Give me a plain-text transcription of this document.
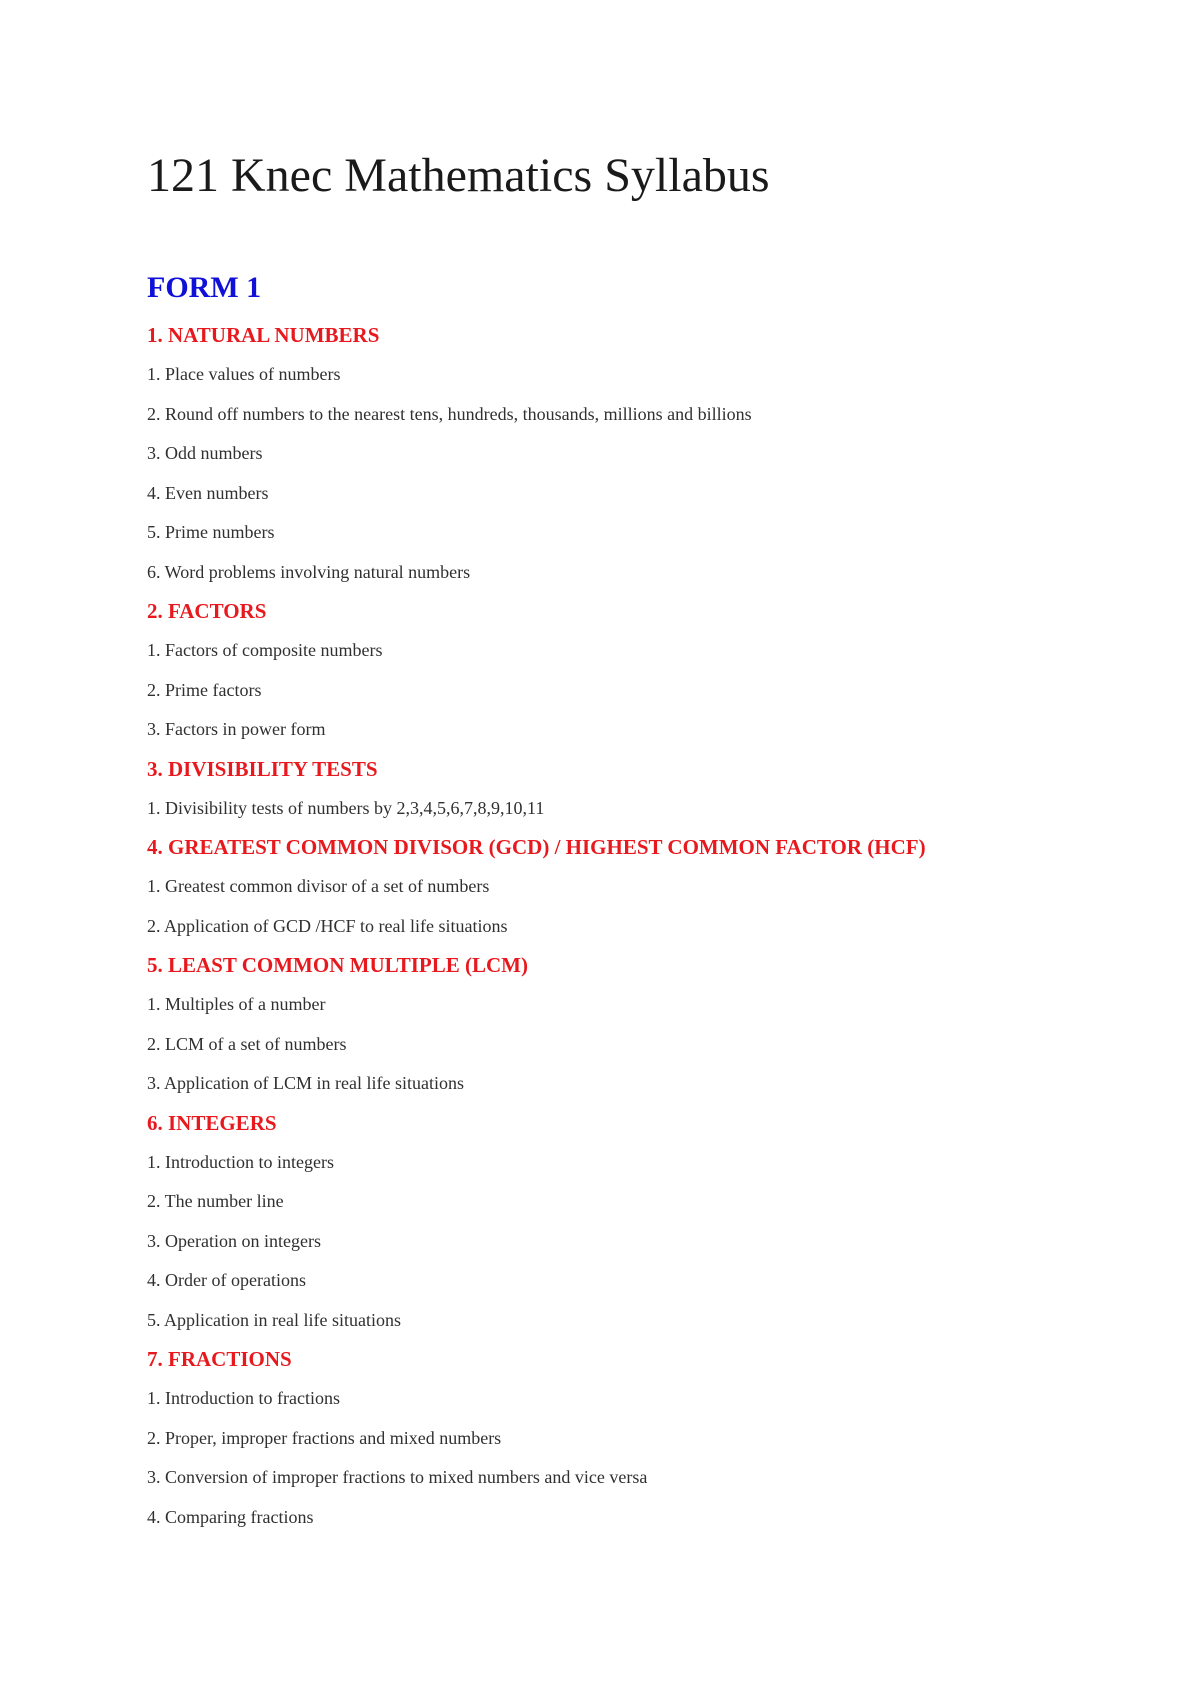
121 Knec Mathematics Syllabus
FORM 1
1. NATURAL NUMBERS
1. Place values of numbers
2. Round off numbers to the nearest tens, hundreds, thousands, millions and billions
3. Odd numbers
4. Even numbers
5. Prime numbers
6. Word problems involving natural numbers
2. FACTORS
1. Factors of composite numbers
2. Prime factors
3. Factors in power form
3. DIVISIBILITY TESTS
1. Divisibility tests of numbers by 2,3,4,5,6,7,8,9,10,11
4. GREATEST COMMON DIVISOR (GCD) / HIGHEST COMMON FACTOR (HCF)
1. Greatest common divisor of a set of numbers
2. Application of GCD /HCF to real life situations
5. LEAST COMMON MULTIPLE (LCM)
1. Multiples of a number
2. LCM of a set of numbers
3. Application of LCM in real life situations
6. INTEGERS
1. Introduction to integers
2. The number line
3. Operation on integers
4. Order of operations
5. Application in real life situations
7. FRACTIONS
1. Introduction to fractions
2. Proper, improper fractions and mixed numbers
3. Conversion of improper fractions to mixed numbers and vice versa
4. Comparing fractions
